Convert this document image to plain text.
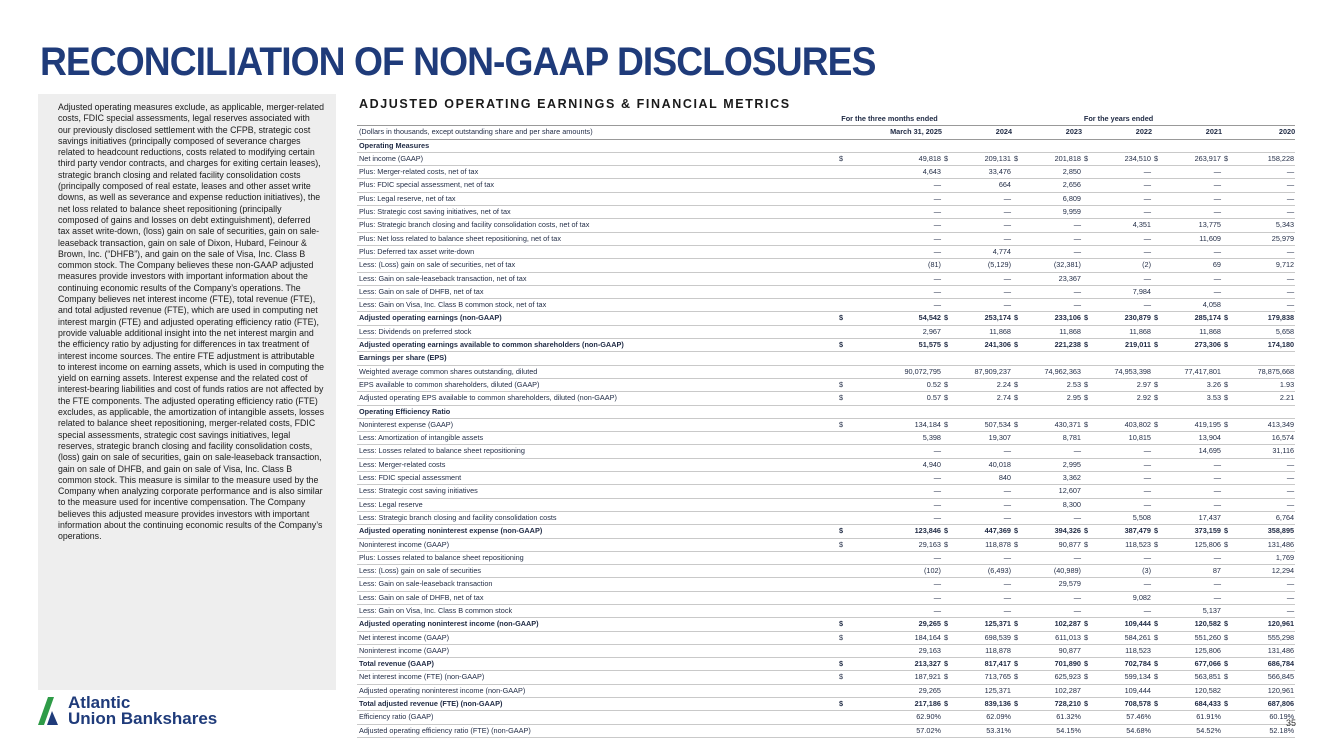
RECONCILIATION OF NON-GAAP DISCLOSURES
Adjusted operating measures exclude, as applicable, merger-related costs, FDIC special assessments, legal reserves associated with our previously disclosed settlement with the CFPB, strategic cost savings initiatives (principally composed of severance charges related to headcount reductions, costs related to modifying certain third party vendor contracts, and charges for exiting certain leases), strategic branch closing and related facility consolidation costs (principally composed of real estate, leases and other asset write downs, as well as severance and expense reduction initiatives), the net loss related to balance sheet repositioning (principally composed of gains and losses on debt extinguishment), deferred tax asset write-down, (loss) gain on sale of securities, gain on sale-leaseback transaction, gain on sale of Dixon, Hubard, Feinour & Brown, Inc. (“DHFB”), and gain on the sale of Visa, Inc. Class B common stock. The Company believes these non-GAAP adjusted measures provide investors with important information about the continuing economic results of the Company’s operations. The Company believes net interest income (FTE), total revenue (FTE), and total adjusted revenue (FTE), which are used in computing net interest margin (FTE) and adjusted operating efficiency ratio (FTE), provide valuable additional insight into the net interest margin and the efficiency ratio by adjusting for differences in tax treatment of interest income sources. The entire FTE adjustment is attributable to interest income on earning assets, which is used in computing the yield on earning assets. Interest expense and the related cost of interest-bearing liabilities and cost of funds ratios are not affected by the FTE components. The adjusted operating efficiency ratio (FTE) excludes, as applicable, the amortization of intangible assets, losses related to balance sheet repositioning, merger-related costs, FDIC special assessments, strategic cost savings initiatives, legal reserves, strategic branch closing and facility consolidation costs, (loss) gain on sale of securities, gain on sale-leaseback transaction, gain on sale of DHFB, and gain on sale of Visa, Inc. Class B common stock. This measure is similar to the measure used by the Company when analyzing corporate performance and is also similar to the measure used for incentive compensation. The Company believes this adjusted measure provides investors with important information about the continuing economic results of the Company’s operations.
Atlantic
Union Bankshares
ADJUSTED OPERATING EARNINGS & FINANCIAL METRICS
	For the three months ended		For the years ended									
(Dollars in thousands, except outstanding share and per share amounts)	March 31, 2025		2024		2023		2022		2021		2020	
Operating Measures												
Net income (GAAP)	$	49,818	$	209,131	$	201,818	$	234,510	$	263,917	$	158,228
Plus: Merger-related costs, net of tax		4,643		33,476		2,850		—		—		—
Plus: FDIC special assessment, net of tax		—		664		2,656		—		—		—
Plus: Legal reserve, net of tax		—		—		6,809		—		—		—
Plus: Strategic cost saving initiatives, net of tax		—		—		9,959		—		—		—
Plus: Strategic branch closing and facility consolidation costs, net of tax		—		—		—		4,351		13,775		5,343
Plus: Net loss related to balance sheet repositioning, net of tax		—		—		—		—		11,609		25,979
Plus: Deferred tax asset write-down		—		4,774		—		—		—		—
Less: (Loss) gain on sale of securities, net of tax		(81)		(5,129)		(32,381)		(2)		69		9,712
Less: Gain on sale-leaseback transaction, net of tax		—		—		23,367		—		—		—
Less: Gain on sale of DHFB, net of tax		—		—		—		7,984		—		—
Less: Gain on Visa, Inc. Class B common stock, net of tax		—		—		—		—		4,058		—
Adjusted operating earnings (non-GAAP)	$	54,542	$	253,174	$	233,106	$	230,879	$	285,174	$	179,838
Less: Dividends on preferred stock		2,967		11,868		11,868		11,868		11,868		5,658
Adjusted operating earnings available to common shareholders (non-GAAP)	$	51,575	$	241,306	$	221,238	$	219,011	$	273,306	$	174,180
Earnings per share (EPS)												
Weighted average common shares outstanding, diluted		90,072,795		87,909,237		74,962,363		74,953,398		77,417,801		78,875,668
EPS available to common shareholders, diluted (GAAP)	$	0.52	$	2.24	$	2.53	$	2.97	$	3.26	$	1.93
Adjusted operating EPS available to common shareholders, diluted (non-GAAP)	$	0.57	$	2.74	$	2.95	$	2.92	$	3.53	$	2.21
Operating Efficiency Ratio												
Noninterest expense (GAAP)	$	134,184	$	507,534	$	430,371	$	403,802	$	419,195	$	413,349
Less: Amortization of intangible assets		5,398		19,307		8,781		10,815		13,904		16,574
Less: Losses related to balance sheet repositioning		—		—		—		—		14,695		31,116
Less: Merger-related costs		4,940		40,018		2,995		—		—		—
Less: FDIC special assessment		—		840		3,362		—		—		—
Less: Strategic cost saving initiatives		—		—		12,607		—		—		—
Less: Legal reserve		—		—		8,300		—		—		—
Less: Strategic branch closing and facility consolidation costs		—		—		—		5,508		17,437		6,764
Adjusted operating noninterest expense (non-GAAP)	$	123,846	$	447,369	$	394,326	$	387,479	$	373,159	$	358,895
Noninterest income (GAAP)	$	29,163	$	118,878	$	90,877	$	118,523	$	125,806	$	131,486
Plus: Losses related to balance sheet repositioning		—		—		—		—		—		1,769
Less: (Loss) gain on sale of securities		(102)		(6,493)		(40,989)		(3)		87		12,294
Less: Gain on sale-leaseback transaction		—		—		29,579		—		—		—
Less: Gain on sale of DHFB, net of tax		—		—		—		9,082		—		—
Less: Gain on Visa, Inc. Class B common stock		—		—		—		—		5,137		—
Adjusted operating noninterest income (non-GAAP)	$	29,265	$	125,371	$	102,287	$	109,444	$	120,582	$	120,961
Net interest income (GAAP)	$	184,164	$	698,539	$	611,013	$	584,261	$	551,260	$	555,298
Noninterest income (GAAP)		29,163		118,878		90,877		118,523		125,806		131,486
Total revenue (GAAP)	$	213,327	$	817,417	$	701,890	$	702,784	$	677,066	$	686,784
Net interest income (FTE) (non-GAAP)	$	187,921	$	713,765	$	625,923	$	599,134	$	563,851	$	566,845
Adjusted operating noninterest income (non-GAAP)		29,265		125,371		102,287		109,444		120,582		120,961
Total adjusted revenue (FTE) (non-GAAP)	$	217,186	$	839,136	$	728,210	$	708,578	$	684,433	$	687,806
Efficiency ratio (GAAP)		62.90%		62.09%		61.32%		57.46%		61.91%		60.19%
Adjusted operating efficiency ratio (FTE) (non-GAAP)		57.02%		53.31%		54.15%		54.68%		54.52%		52.18%
35
